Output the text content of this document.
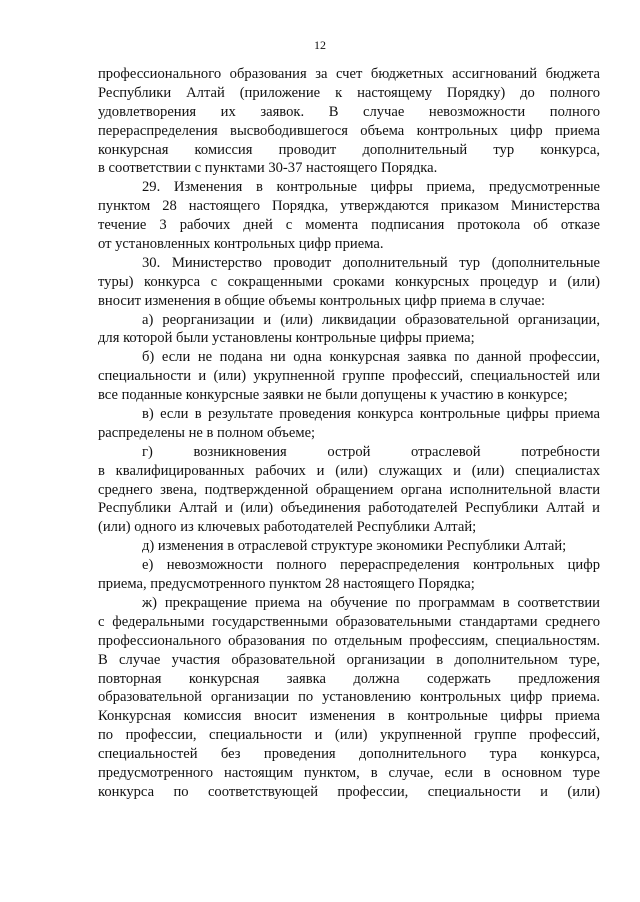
12
профессионального образования за счет бюджетных ассигнований бюджета
Республики Алтай (приложение к настоящему Порядку) до полного
удовлетворения их заявок. В случае невозможности полного
перераспределения высвободившегося объема контрольных цифр приема
конкурсная комиссия проводит дополнительный тур конкурса,
в соответствии с пунктами 30-37 настоящего Порядка.
29. Изменения в контрольные цифры приема, предусмотренные
пунктом 28 настоящего Порядка, утверждаются приказом Министерства
течение 3 рабочих дней с момента подписания протокола об отказе
от установленных контрольных цифр приема.
30. Министерство проводит дополнительный тур (дополнительные
туры) конкурса с сокращенными сроками конкурсных процедур и (или)
вносит изменения в общие объемы контрольных цифр приема в случае:
а) реорганизации и (или) ликвидации образовательной организации,
для которой были установлены контрольные цифры приема;
б) если не подана ни одна конкурсная заявка по данной профессии,
специальности и (или) укрупненной группе профессий, специальностей или
все поданные конкурсные заявки не были допущены к участию в конкурсе;
в) если в результате проведения конкурса контрольные цифры приема
распределены не в полном объеме;
г) возникновения острой отраслевой потребности
в квалифицированных рабочих и (или) служащих и (или) специалистах
среднего звена, подтвержденной обращением органа исполнительной власти
Республики Алтай и (или) объединения работодателей Республики Алтай и
(или) одного из ключевых работодателей Республики Алтай;
д) изменения в отраслевой структуре экономики Республики Алтай;
е) невозможности полного перераспределения контрольных цифр
приема, предусмотренного пунктом 28 настоящего Порядка;
ж) прекращение приема на обучение по программам в соответствии
с федеральными государственными образовательными стандартами среднего
профессионального образования по отдельным профессиям, специальностям.
В случае участия образовательной организации в дополнительном туре,
повторная конкурсная заявка должна содержать предложения
образовательной организации по установлению контрольных цифр приема.
Конкурсная комиссия вносит изменения в контрольные цифры приема
по профессии, специальности и (или) укрупненной группе профессий,
специальностей без проведения дополнительного тура конкурса,
предусмотренного настоящим пунктом, в случае, если в основном туре
конкурса по соответствующей профессии, специальности и (или)
